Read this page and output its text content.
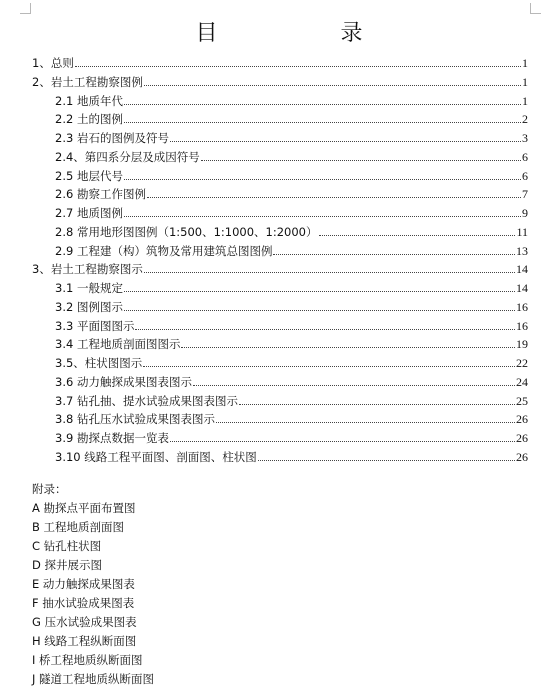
目 录
1、总则	1
2、岩土工程勘察图例	1
2.1 地质年代	1
2.2 土的图例	2
2.3 岩石的图例及符号	3
2.4、第四系分层及成因符号	6
2.5 地层代号	6
2.6 勘察工作图例	7
2.7 地质图例	9
2.8 常用地形图图例（1:500、1:1000、1:2000）	11
2.9 工程建（构）筑物及常用建筑总图图例	13
3、岩土工程勘察图示	14
3.1 一般规定	14
3.2 图例图示	16
3.3 平面图图示	16
3.4 工程地质剖面图图示	19
3.5、柱状图图示	22
3.6 动力触探成果图表图示	24
3.7 钻孔抽、提水试验成果图表图示	25
3.8 钻孔压水试验成果图表图示	26
3.9 勘探点数据一览表	26
3.10 线路工程平面图、剖面图、柱状图	26
附录：
A 勘探点平面布置图
B 工程地质剖面图
C 钻孔柱状图
D 探井展示图
E 动力触探成果图表
F 抽水试验成果图表
G 压水试验成果图表
H 线路工程纵断面图
I 桥工程地质纵断面图
J 隧道工程地质纵断面图
